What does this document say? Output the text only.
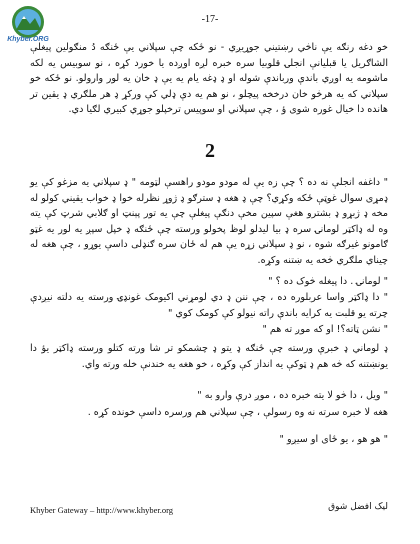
Khyber.ORG
-17-
خو دغه رنګه يې ناڅي رښتيني جوړيږي - نو ځکه چې سپلاني يې ځنګه دُ منګولين پيغلې الشاګريل يا قبليانې انجلۍ قلوبيا سره خبره لږه اوږده يا خورد کړه ، نو سوبيس يه لکه ماشومه يه اوږي باندې ورباندې شوله او ډ ډغه يام يه يې ډ خان يه لور وارولو. نو ځکه خو سپلاني که يه هرڅو خان درخخه پیچلو ، نو هم يه دې ډلي کې ورکړ ډ هر ملګري ډ يقين تر هانده دا خيال غوره شوی ؤ ، چې سپلاني او سوپيس ترخپلو جوړي کبيري لګيا دي.
2
" داغفه انجلې نه ده ؟ چې زه يې له مودو مودو راهسې لټومه " ډ سپلاني يه مزغو کې يو ډمړی سوال غوټې ځکه وکړي؟ چې ډ هغه ډ سترګو ډ ژوړ نظرله خوا ډ خواب يقيني کولو له مخه ډ ژبړو ډ بشترو هغې سپين مخې دنګې پیغلې چې يه تور پېنټ او ګلابي شرټ کې يته وه له ډاکټر لومانۍ سره ډ بيا ليدلو لوظ پخولو ورسته چې ځنګه ډ خپل سپږ يه لور يه غټو ګامونو غيرګه شوه ، نو ډ سپلاني زړه يې هم له ځان سره ګنډلی داسې يوړو ، چې هغه له چيناي ملګري څخه يه ښتنه وکړه.
" لومانۍ . دا پيغله څوک ده ؟ "
" دا ډاکټر واسا عربلوره ده ، چې ننن ډ دي لومړني اکيومک غونډۍ ورسته يه دلته نيږدې چرته يو قلبت يه کرايه باندې راته نيولو کې کومک کوي "
" نشن ټاته؟! او که موږ ته هم "
ډ لوماني ډ خبرې ورسته چې ځنګه ډ يتو ډ چشمکو تر شا ورته کتلو ورسته ډاکټر يؤ دا يونښتنه که څه هم ډ ټوکې يه انداز کې وکړه ، خو هغه يه خندنې خله ورته واي.
" ويل ، دا څو لا يته خبره ده ، موږ درې وارو به "
هغه لا خبره سرته نه وه رسولې ، چې سپلاني هم ورسره داسې خونده کړه .
" هو هو ، يو ځای او سيږو "
Khyber Gateway – http://www.khyber.org	ليک افضل شوق
